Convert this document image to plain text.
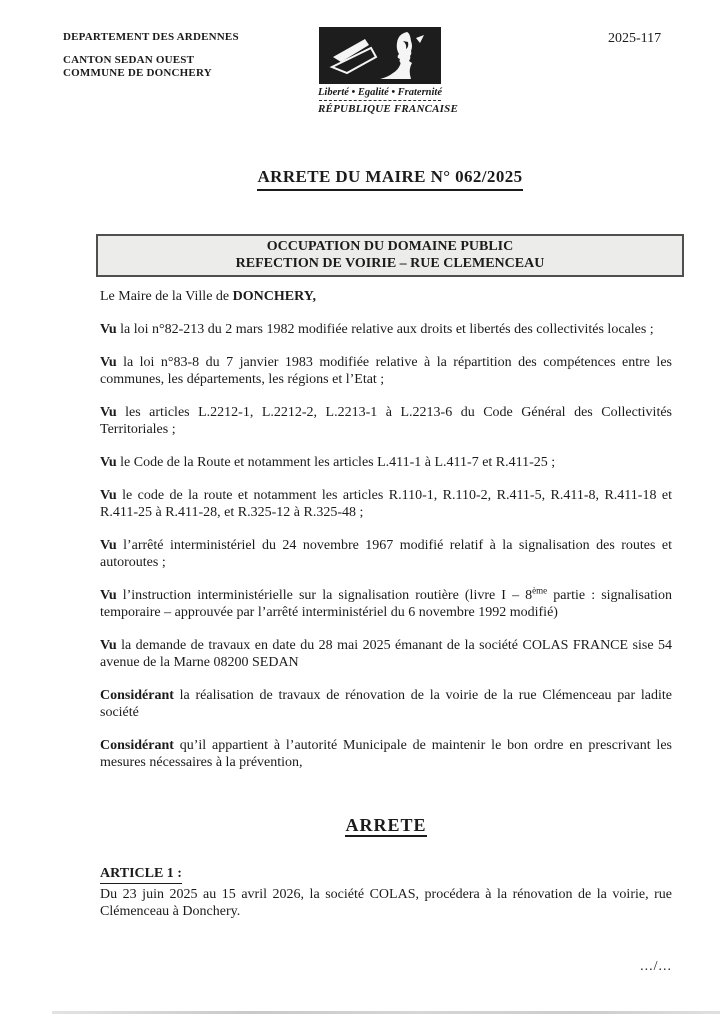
DEPARTEMENT DES ARDENNES
CANTON SEDAN OUEST
COMMUNE DE DONCHERY
Liberté • Egalité • Fraternité
RÉPUBLIQUE FRANCAISE
2025-117
ARRETE DU MAIRE N° 062/2025
OCCUPATION DU DOMAINE PUBLIC
REFECTION DE VOIRIE – RUE CLEMENCEAU

Le Maire de la Ville de DONCHERY,

Vu la loi n°82-213 du 2 mars 1982 modifiée relative aux droits et libertés des collectivités locales ;

Vu la loi n°83-8 du 7 janvier 1983 modifiée relative à la répartition des compétences entre les communes, les départements, les régions et l’Etat ;

Vu les articles L.2212-1, L.2212-2, L.2213-1 à L.2213-6 du Code Général des Collectivités Territoriales ;

Vu le Code de la Route et notamment les articles L.411-1 à L.411-7 et R.411-25 ;

Vu le code de la route et notamment les articles R.110-1, R.110-2, R.411-5, R.411-8, R.411-18 et R.411-25 à R.411-28, et R.325-12 à R.325-48 ;

Vu l’arrêté interministériel du 24 novembre 1967 modifié relatif à la signalisation des routes et autoroutes ;

Vu l’instruction interministérielle sur la signalisation routière (livre I – 8ème partie : signalisation temporaire – approuvée par l’arrêté interministériel du 6 novembre 1992 modifié)

Vu la demande de travaux en date du 28 mai 2025 émanant de la société COLAS FRANCE sise 54 avenue de la Marne 08200 SEDAN

Considérant la réalisation de travaux de rénovation de la voirie de la rue Clémenceau par ladite société

Considérant qu’il appartient à l’autorité Municipale de maintenir le bon ordre en prescrivant les mesures nécessaires à la prévention,

ARRETE

ARTICLE 1 :

Du 23 juin 2025 au 15 avril 2026, la société COLAS, procédera à la rénovation de la voirie, rue Clémenceau à Donchery.

.../...
